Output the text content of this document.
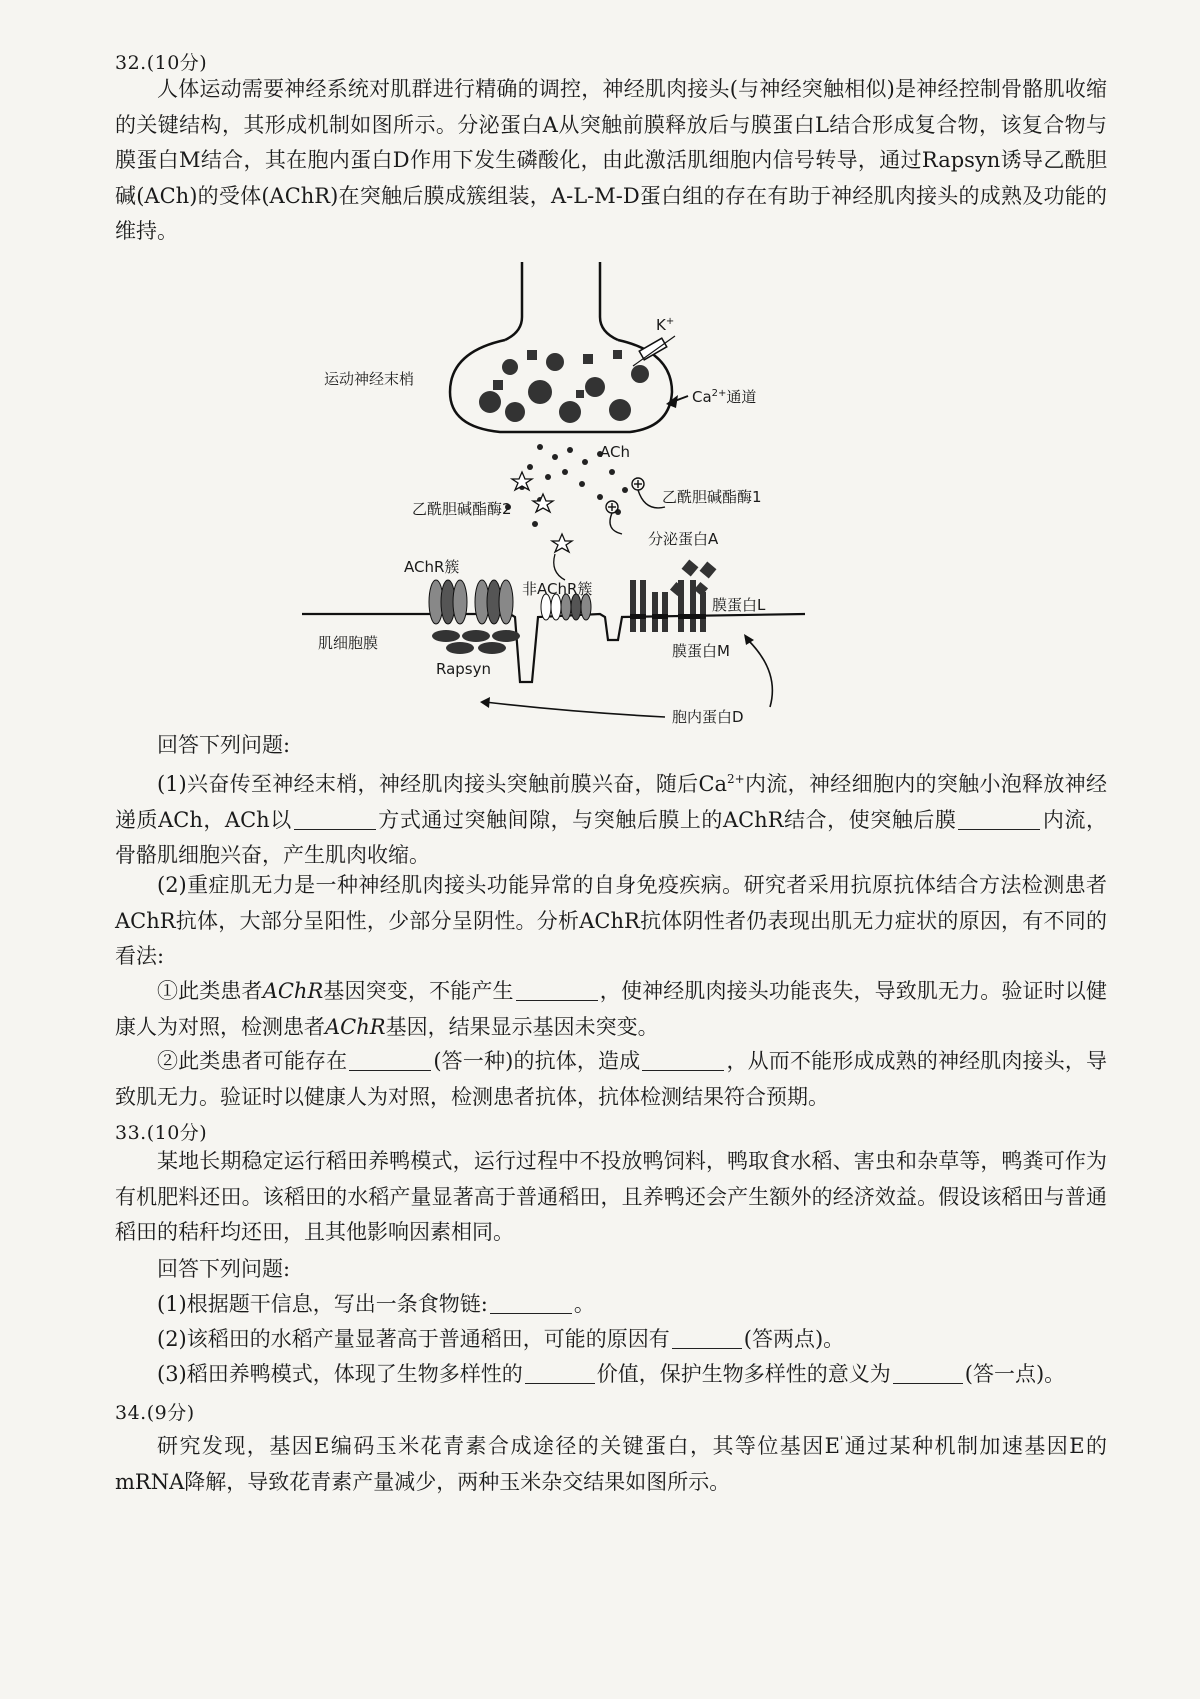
32.(10分)
人体运动需要神经系统对肌群进行精确的调控，神经肌肉接头(与神经突触相似)是神经控制骨骼肌收缩的关键结构，其形成机制如图所示。分泌蛋白A从突触前膜释放后与膜蛋白L结合形成复合物，该复合物与膜蛋白M结合，其在胞内蛋白D作用下发生磷酸化，由此激活肌细胞内信号转导，通过Rapsyn诱导乙酰胆碱(ACh)的受体(AChR)在突触后膜成簇组装，A-L-M-D蛋白组的存在有助于神经肌肉接头的成熟及功能的维持。
K+
$Ca^{2+}$通道
运动神经末梢
ACh
乙酰胆碱酯酶1
乙酰胆碱酯酶2
分泌蛋白A
肌细胞膜
AChR簇
Rapsyn
非AChR簇
膜蛋白L
膜蛋白M
胞内蛋白D
回答下列问题:
(1)兴奋传至神经末梢，神经肌肉接头突触前膜兴奋，随后$Ca^{2+}$内流，神经细胞内的突触小泡释放神经递质ACh，ACh以	方式通过突触间隙，与突触后膜上的AChR结合，使突触后膜	内流，骨骼肌细胞兴奋，产生肌肉收缩。
(2)重症肌无力是一种神经肌肉接头功能异常的自身免疫疾病。研究者采用抗原抗体结合方法检测患者AChR抗体，大部分呈阳性，少部分呈阴性。分析AChR抗体阴性者仍表现出肌无力症状的原因，有不同的看法:
①此类患者AChR基因突变，不能产生	，使神经肌肉接头功能丧失，导致肌无力。验证时以健康人为对照，检测患者AChR基因，结果显示基因未突变。
②此类患者可能存在	(答一种)的抗体，造成	，从而不能形成成熟的神经肌肉接头，导致肌无力。验证时以健康人为对照，检测患者抗体，抗体检测结果符合预期。
33.(10分)
某地长期稳定运行稻田养鸭模式，运行过程中不投放鸭饲料，鸭取食水稻、害虫和杂草等，鸭粪可作为有机肥料还田。该稻田的水稻产量显著高于普通稻田，且养鸭还会产生额外的经济效益。假设该稻田与普通稻田的秸秆均还田，且其他影响因素相同。
回答下列问题:
(1)根据题干信息，写出一条食物链:	。
(2)该稻田的水稻产量显著高于普通稻田，可能的原因有	(答两点)。
(3)稻田养鸭模式，体现了生物多样性的	价值，保护生物多样性的意义为	(答一点)。
34.(9分)
研究发现，基因E编码玉米花青素合成途径的关键蛋白，其等位基因E'通过某种机制加速基因E的mRNA降解，导致花青素产量减少，两种玉米杂交结果如图所示。
